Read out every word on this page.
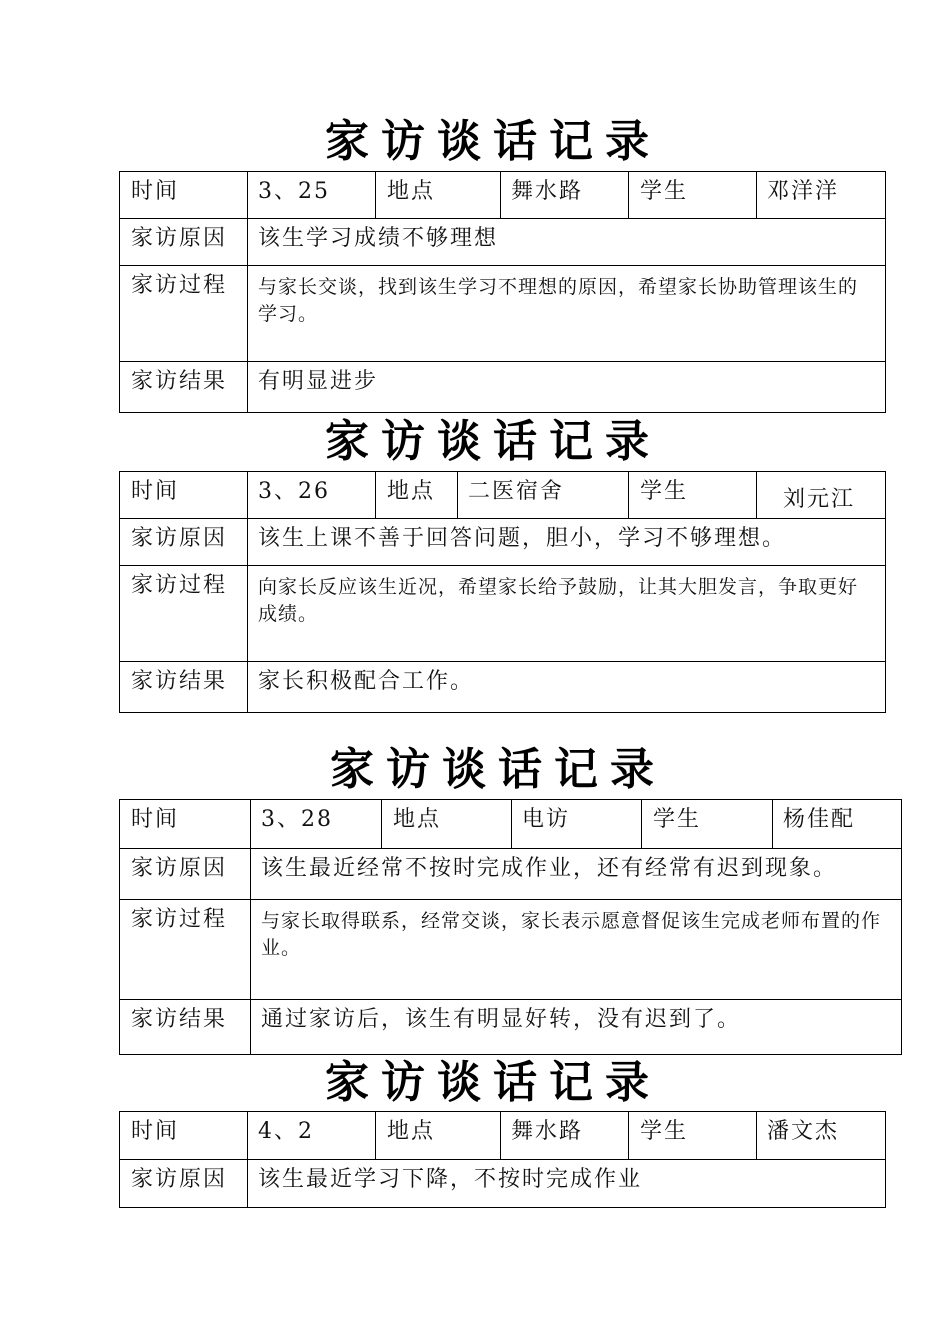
家访谈话记录
时间	3、25	地点	舞水路	学生	邓洋洋
家访原因	该生学习成绩不够理想				
家访过程	与家长交谈，找到该生学习不理想的原因，希望家长协助管理该生的学习。				
家访结果	有明显进步				
家访谈话记录
时间	3、26	地点	二医宿舍	学生	刘元江
家访原因	该生上课不善于回答问题，胆小，学习不够理想。				
家访过程	向家长反应该生近况，希望家长给予鼓励，让其大胆发言，争取更好成绩。				
家访结果	家长积极配合工作。				
家访谈话记录
时间	3、28	地点	电访	学生	杨佳配
家访原因	该生最近经常不按时完成作业，还有经常有迟到现象。				
家访过程	与家长取得联系，经常交谈，家长表示愿意督促该生完成老师布置的作业。				
家访结果	通过家访后，该生有明显好转，没有迟到了。				
家访谈话记录
时间	4、2	地点	舞水路	学生	潘文杰
家访原因	该生最近学习下降，不按时完成作业				
